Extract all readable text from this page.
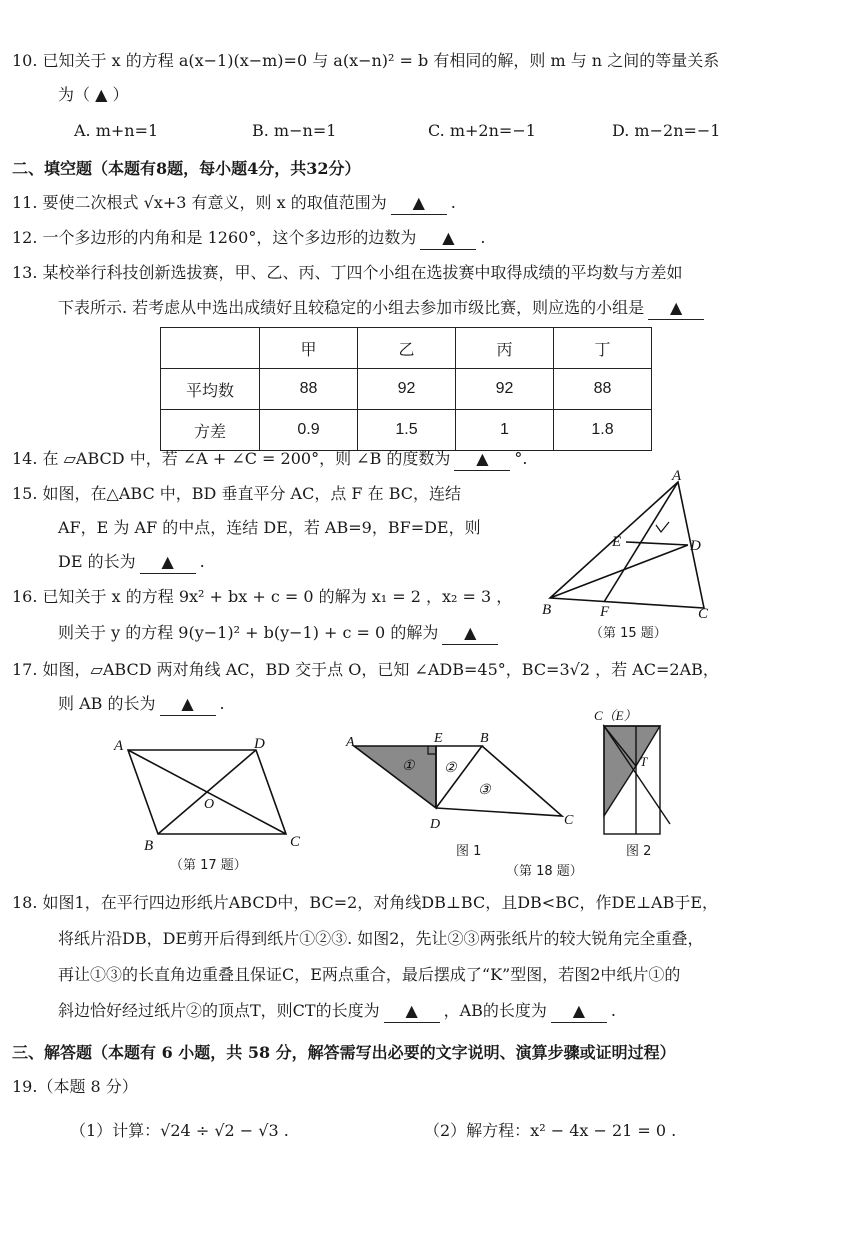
10. 已知关于 x 的方程 a(x−1)(x−m)=0 与 a(x−n)² = b 有相同的解，则 m 与 n 之间的等量关系
为（ ▲ ）
A. m+n=1	B. m−n=1	C. m+2n=−1	D. m−2n=−1
二、填空题（本题有8题，每小题4分，共32分）
11. 要使二次根式 √x+3 有意义，则 x 的取值范围为 ▲ .
12. 一个多边形的内角和是 1260°，这个多边形的边数为 ▲ .
13. 某校举行科技创新选拔赛，甲、乙、丙、丁四个小组在选拔赛中取得成绩的平均数与方差如
下表所示. 若考虑从中选出成绩好且较稳定的小组去参加市级比赛，则应选的小组是 ▲
	甲	乙	丙	丁
平均数	88	92	92	88
方差	0.9	1.5	1	1.8
14. 在 ▱ABCD 中，若 ∠A + ∠C = 200°，则 ∠B 的度数为 ▲ °.
15. 如图，在△ABC 中，BD 垂直平分 AC，点 F 在 BC，连结
AF，E 为 AF 的中点，连结 DE，若 AB=9，BF=DE，则
DE 的长为 ▲ .
A
E	D
B	F	C
（第 15 题）
16. 已知关于 x 的方程 9x² + bx + c = 0 的解为 x₁ = 2 ，x₂ = 3 ，
则关于 y 的方程 9(y−1)² + b(y−1) + c = 0 的解为 ▲
17. 如图，▱ABCD 两对角线 AC，BD 交于点 O，已知 ∠ADB=45°，BC=3√2 ，若 AC=2AB，
则 AB 的长为 ▲ .
A	D
O
B	C
（第 17 题）
A	E	B
D	C
① ②
③
图 1
C（E）
T
图 2
（第 18 题）
18. 如图1，在平行四边形纸片ABCD中，BC=2，对角线DB⊥BC，且DB<BC，作DE⊥AB于E，
将纸片沿DB，DE剪开后得到纸片①②③. 如图2，先让②③两张纸片的较大锐角完全重叠，
再让①③的长直角边重叠且保证C，E两点重合，最后摆成了“K”型图，若图2中纸片①的
斜边恰好经过纸片②的顶点T，则CT的长度为 ▲ ，AB的长度为 ▲ .
三、解答题（本题有 6 小题，共 58 分，解答需写出必要的文字说明、演算步骤或证明过程）
19.（本题 8 分）
（1）计算：√24 ÷ √2 − √3 .	（2）解方程：x² − 4x − 21 = 0 .
